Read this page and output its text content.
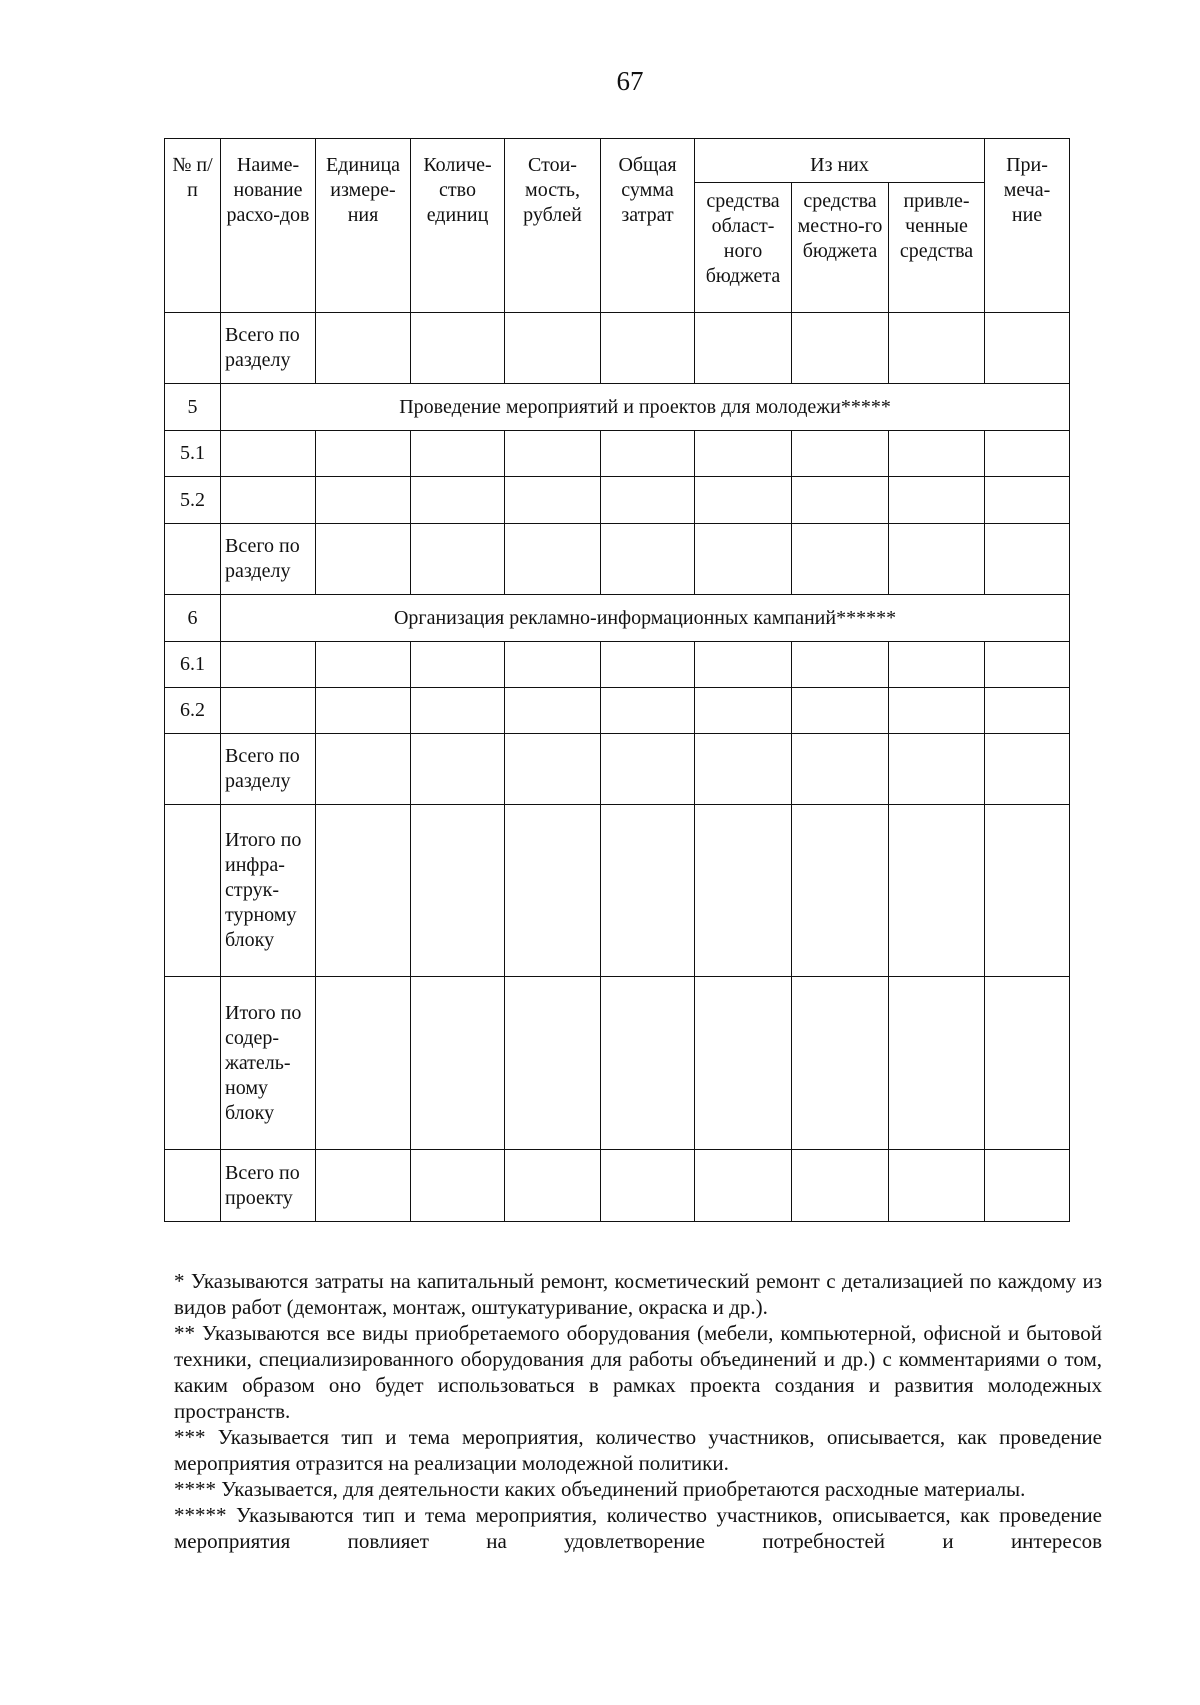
67
№ п/п	Наиме-нование расхо-дов	Единица измере-ния	Количе-ство единиц	Стои-мость, рублей	Общая сумма затрат	Из них			При-меча-ние
						средства област-ного бюджета	средства местно-го бюджета	привле-ченные средства	
	Всего по разделу								
5	Проведение мероприятий и проектов для молодежи*****								
5.1									
5.2									
	Всего по разделу								
6	Организация рекламно-информационных кампаний******								
6.1									
6.2									
	Всего по разделу								
	Итого по инфра-струк-турному блоку								
	Итого по содер-жатель-ному блоку								
	Всего по проекту								

* Указываются затраты на капитальный ремонт, косметический ремонт с детализацией по каждому из видов работ (демонтаж, монтаж, оштукатуривание, окраска и др.).

** Указываются все виды приобретаемого оборудования (мебели, компьютерной, офисной и бытовой техники, специализированного оборудования для работы объединений и др.) с комментариями о том, каким образом оно будет использоваться в рамках проекта создания и развития молодежных пространств.

*** Указывается тип и тема мероприятия, количество участников, описывается, как проведение мероприятия отразится на реализации молодежной политики.

**** Указывается, для деятельности каких объединений приобретаются расходные материалы.

***** Указываются тип и тема мероприятия, количество участников, описывается, как проведение мероприятия повлияет на удовлетворение потребностей и интересов
